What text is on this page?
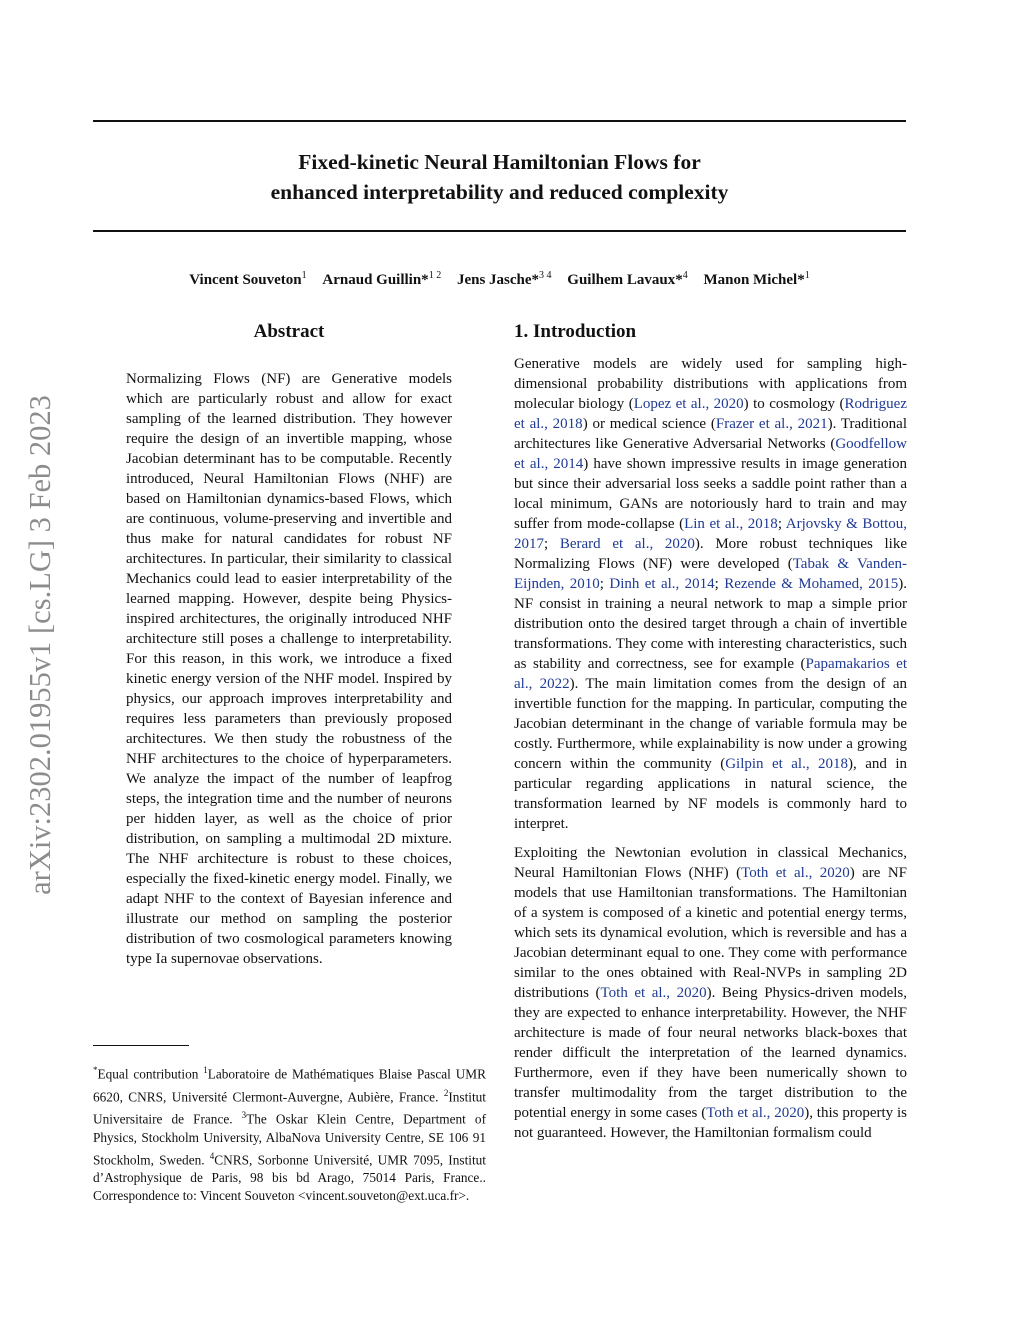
arXiv:2302.01955v1 [cs.LG] 3 Feb 2023
Fixed-kinetic Neural Hamiltonian Flows for
enhanced interpretability and reduced complexity
Vincent Souveton$^1$ Arnaud Guillin*$^{1 2}$ Jens Jasche*$^{3 4}$ Guilhem Lavaux*$^4$ Manon Michel*$^1$
Abstract

Normalizing Flows (NF) are Generative models which are particularly robust and allow for exact sampling of the learned distribution. They however require the design of an invertible mapping, whose Jacobian determinant has to be computable. Recently introduced, Neural Hamiltonian Flows (NHF) are based on Hamiltonian dynamics-based Flows, which are continuous, volume-preserving and invertible and thus make for natural candidates for robust NF architectures. In particular, their similarity to classical Mechanics could lead to easier interpretability of the learned mapping. However, despite being Physics-inspired architectures, the originally introduced NHF architecture still poses a challenge to interpretability. For this reason, in this work, we introduce a fixed kinetic energy version of the NHF model. Inspired by physics, our approach improves interpretability and requires less parameters than previously proposed architectures. We then study the robustness of the NHF architectures to the choice of hyperparameters. We analyze the impact of the number of leapfrog steps, the integration time and the number of neurons per hidden layer, as well as the choice of prior distribution, on sampling a multimodal 2D mixture. The NHF architecture is robust to these choices, especially the fixed-kinetic energy model. Finally, we adapt NHF to the context of Bayesian inference and illustrate our method on sampling the posterior distribution of two cosmological parameters knowing type Ia supernovae observations.

1. Introduction

Generative models are widely used for sampling high-dimensional probability distributions with applications from molecular biology (Lopez et al., 2020) to cosmology (Rodriguez et al., 2018) or medical science (Frazer et al., 2021). Traditional architectures like Generative Adversarial Networks (Goodfellow et al., 2014) have shown impressive results in image generation but since their adversarial loss seeks a saddle point rather than a local minimum, GANs are notoriously hard to train and may suffer from mode-collapse (Lin et al., 2018; Arjovsky & Bottou, 2017; Berard et al., 2020). More robust techniques like Normalizing Flows (NF) were developed (Tabak & Vanden-Eijnden, 2010; Dinh et al., 2014; Rezende & Mohamed, 2015). NF consist in training a neural network to map a simple prior distribution onto the desired target through a chain of invertible transformations. They come with interesting characteristics, such as stability and correctness, see for example (Papamakarios et al., 2022). The main limitation comes from the design of an invertible function for the mapping. In particular, computing the Jacobian determinant in the change of variable formula may be costly. Furthermore, while explainability is now under a growing concern within the community (Gilpin et al., 2018), and in particular regarding applications in natural science, the transformation learned by NF models is commonly hard to interpret.

Exploiting the Newtonian evolution in classical Mechanics, Neural Hamiltonian Flows (NHF) (Toth et al., 2020) are NF models that use Hamiltonian transformations. The Hamiltonian of a system is composed of a kinetic and potential energy terms, which sets its dynamical evolution, which is reversible and has a Jacobian determinant equal to one. They come with performance similar to the ones obtained with Real-NVPs in sampling 2D distributions (Toth et al., 2020). Being Physics-driven models, they are expected to enhance interpretability. However, the NHF architecture is made of four neural networks black-boxes that render difficult the interpretation of the learned dynamics. Furthermore, even if they have been numerically shown to transfer multimodality from the target distribution to the potential energy in some cases (Toth et al., 2020), this property is not guaranteed. However, the Hamiltonian formalism could

*Equal contribution $^1$Laboratoire de Mathématiques Blaise Pascal UMR 6620, CNRS, Université Clermont-Auvergne, Aubière, France. $^2$Institut Universitaire de France. $^3$The Oskar Klein Centre, Department of Physics, Stockholm University, AlbaNova University Centre, SE 106 91 Stockholm, Sweden. $^4$CNRS, Sorbonne Université, UMR 7095, Institut d’Astrophysique de Paris, 98 bis bd Arago, 75014 Paris, France.. Correspondence to: Vincent Souveton <vincent.souveton@ext.uca.fr>.
